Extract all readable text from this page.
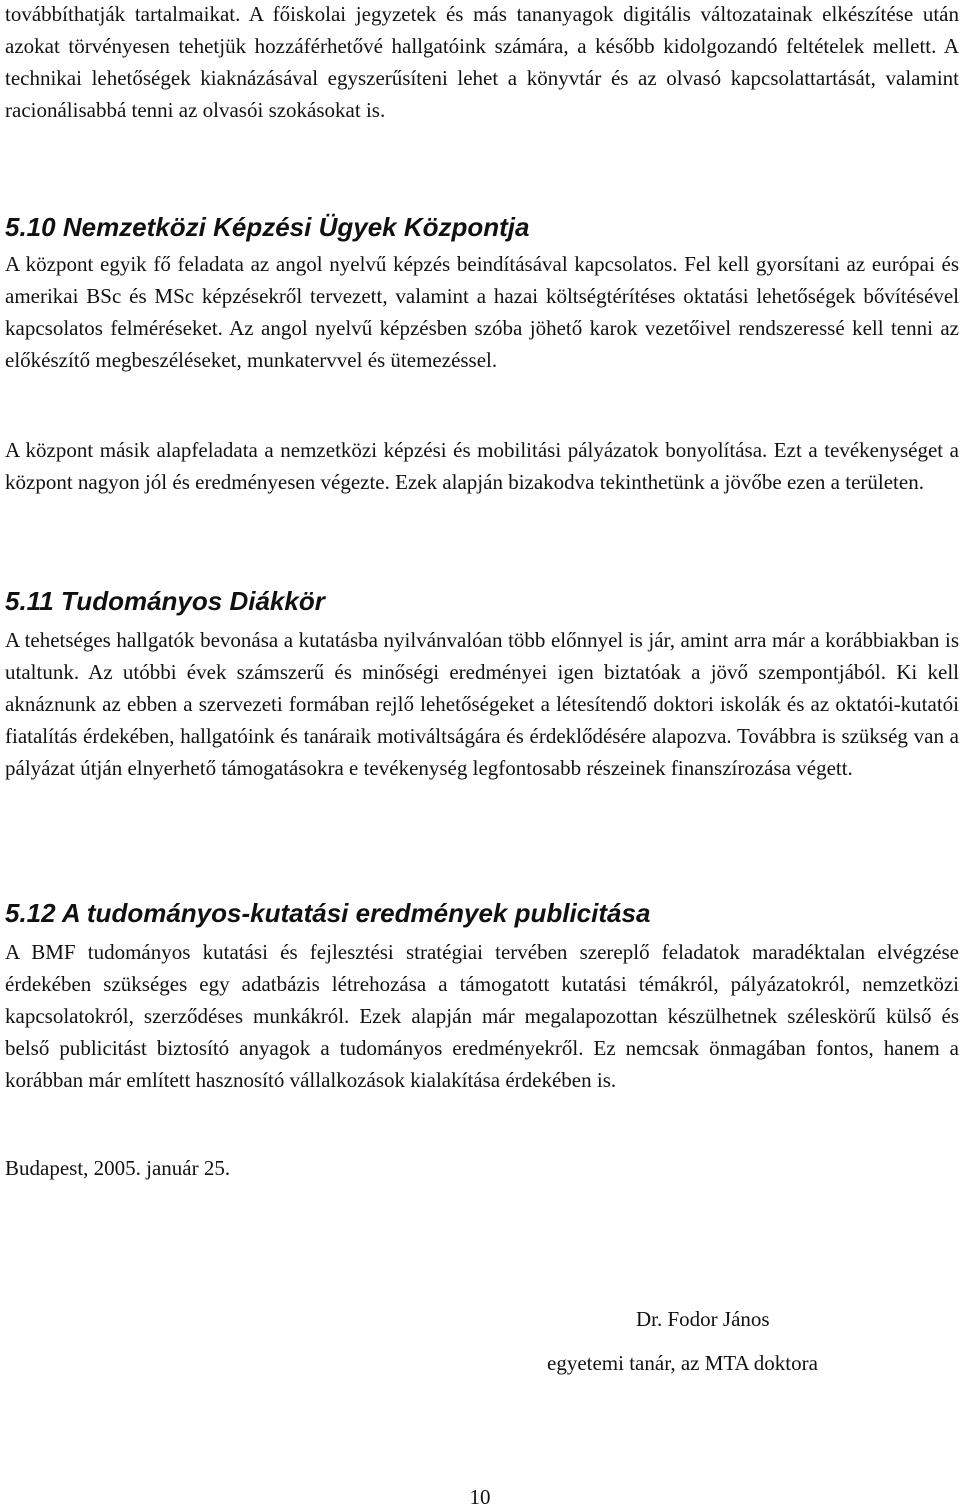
továbbíthatják tartalmaikat. A főiskolai jegyzetek és más tananyagok digitális változatainak elkészítése után azokat törvényesen tehetjük hozzáférhetővé hallgatóink számára, a később kidolgozandó feltételek mellett. A technikai lehetőségek kiaknázásával egyszerűsíteni lehet a könyvtár és az olvasó kapcsolattartását, valamint racionálisabbá tenni az olvasói szokásokat is.

5.10 Nemzetközi Képzési Ügyek Központja

A központ egyik fő feladata az angol nyelvű képzés beindításával kapcsolatos. Fel kell gyorsítani az európai és amerikai BSc és MSc képzésekről tervezett, valamint a hazai költségtérítéses oktatási lehetőségek bővítésével kapcsolatos felméréseket. Az angol nyelvű képzésben szóba jöhető karok vezetőivel rendszeressé kell tenni az előkészítő megbeszéléseket, munkatervvel és ütemezéssel.

A központ másik alapfeladata a nemzetközi képzési és mobilitási pályázatok bonyolítása. Ezt a tevékenységet a központ nagyon jól és eredményesen végezte. Ezek alapján bizakodva tekinthetünk a jövőbe ezen a területen.

5.11 Tudományos Diákkör

A tehetséges hallgatók bevonása a kutatásba nyilvánvalóan több előnnyel is jár, amint arra már a korábbiakban is utaltunk. Az utóbbi évek számszerű és minőségi eredményei igen biztatóak a jövő szempontjából. Ki kell aknáznunk az ebben a szervezeti formában rejlő lehetőségeket a létesítendő doktori iskolák és az oktatói-kutatói fiatalítás érdekében, hallgatóink és tanáraik motiváltságára és érdeklődésére alapozva. Továbbra is szükség van a pályázat útján elnyerhető támogatásokra e tevékenység legfontosabb részeinek finanszírozása végett.

5.12 A tudományos-kutatási eredmények publicitása

A BMF tudományos kutatási és fejlesztési stratégiai tervében szereplő feladatok maradéktalan elvégzése érdekében szükséges egy adatbázis létrehozása a támogatott kutatási témákról, pályázatokról, nemzetközi kapcsolatokról, szerződéses munkákról. Ezek alapján már megalapozottan készülhetnek széleskörű külső és belső publicitást biztosító anyagok a tudományos eredményekről. Ez nemcsak önmagában fontos, hanem a korábban már említett hasznosító vállalkozások kialakítása érdekében is.

Budapest, 2005. január 25.

Dr. Fodor János

egyetemi tanár, az MTA doktora

10
